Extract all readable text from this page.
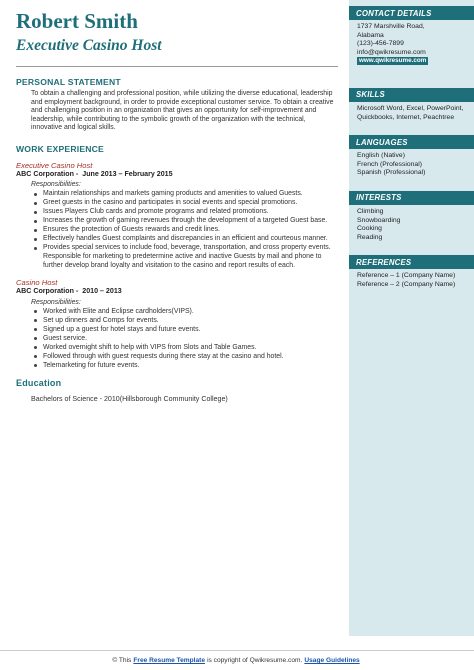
Robert Smith
Executive Casino Host
PERSONAL STATEMENT
To obtain a challenging and professional position, while utilizing the diverse educational, leadership and employment background, in order to provide exceptional customer service. To obtain a creative and challenging position in an organization that gives an opportunity for self-improvement and leadership, while contributing to the symbolic growth of the organization with the technical, innovative and logical skills.
WORK EXPERIENCE
Executive Casino Host
ABC Corporation - June 2013 – February 2015
Responsibilities:
Maintain relationships and markets gaming products and amenities to valued Guests.
Greet guests in the casino and participates in social events and special promotions.
Issues Players Club cards and promote programs and related promotions.
Increases the growth of gaming revenues through the development of a targeted Guest base.
Ensures the protection of Guests rewards and credit lines.
Effectively handles Guest complaints and discrepancies in an efficient and courteous manner.
Provides special services to include food, beverage, transportation, and cross property events. Responsible for marketing to predetermine active and inactive Guests by mail and phone to further develop brand loyalty and visitation to the casino and report results of each.
Casino Host
ABC Corporation - 2010 – 2013
Responsibilities:
Worked with Elite and Eclipse cardholders(VIPS).
Set up dinners and Comps for events.
Signed up a guest for hotel stays and future events.
Guest service.
Worked overnight shift to help with VIPS from Slots and Table Games.
Followed through with guest requests during there stay at the casino and hotel.
Telemarketing for future events.
Education
Bachelors of Science - 2010(Hillsborough Community College)
CONTACT DETAILS
1737 Marshville Road,
Alabama
(123)-456-7899
info@qwikresume.com
www.qwikresume.com
SKILLS
Microsoft Word, Excel, PowerPoint, Quickbooks, Internet, Peachtree
LANGUAGES
English (Native)
French (Professional)
Spanish (Professional)
INTERESTS
Climbing
Snowboarding
Cooking
Reading
REFERENCES
Reference – 1 (Company Name)
Reference – 2 (Company Name)
© This Free Resume Template is copyright of Qwikresume.com. Usage Guidelines
